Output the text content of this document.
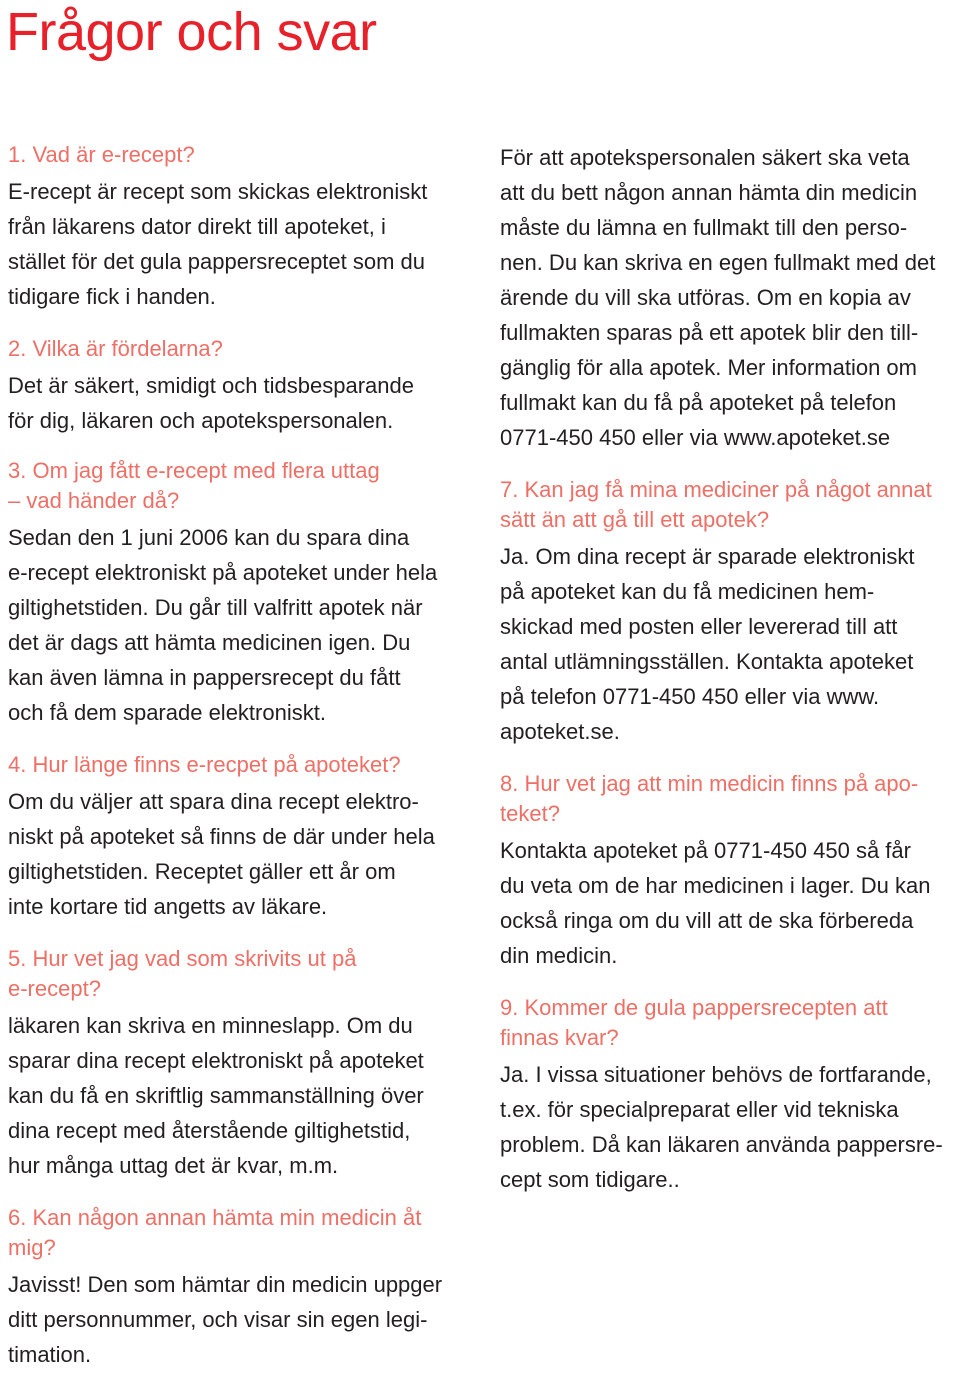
Frågor och svar

1. Vad är e-recept?

E-recept är recept som skickas elektroniskt
från läkarens dator direkt till apoteket, i
stället för det gula pappersreceptet som du
tidigare fick i handen.

2. Vilka är fördelarna?

Det är säkert, smidigt och tidsbesparande
för dig, läkaren och apotekspersonalen.

3. Om jag fått e-recept med flera uttag
– vad händer då?

Sedan den 1 juni 2006 kan du spara dina
e-recept elektroniskt på apoteket under hela
giltighetstiden. Du går till valfritt apotek när
det är dags att hämta medicinen igen. Du
kan även lämna in pappersrecept du fått
och få dem sparade elektroniskt.

4. Hur länge finns e-recpet på apoteket?

Om du väljer att spara dina recept elektro-
niskt på apoteket så finns de där under hela
giltighetstiden. Receptet gäller ett år om
inte kortare tid angetts av läkare.

5. Hur vet jag vad som skrivits ut på
e-recept?

läkaren kan skriva en minneslapp. Om du
sparar dina recept elektroniskt på apoteket
kan du få en skriftlig sammanställning över
dina recept med återstående giltighetstid,
hur många uttag det är kvar, m.m.

6. Kan någon annan hämta min medicin åt
mig?

Javisst! Den som hämtar din medicin uppger
ditt personnummer, och visar sin egen legi-
timation.

För att apotekspersonalen säkert ska veta
att du bett någon annan hämta din medicin
måste du lämna en fullmakt till den perso-
nen. Du kan skriva en egen fullmakt med det
ärende du vill ska utföras. Om en kopia av
fullmakten sparas på ett apotek blir den till-
gänglig för alla apotek. Mer information om
fullmakt kan du få på apoteket på telefon
0771-450 450 eller via www.apoteket.se

7. Kan jag få mina mediciner på något annat
sätt än att gå till ett apotek?

Ja. Om dina recept är sparade elektroniskt
på apoteket kan du få medicinen hem-
skickad med posten eller levererad till att
antal utlämningsställen. Kontakta apoteket
på telefon 0771-450 450 eller via www.
apoteket.se.

8. Hur vet jag att min medicin finns på apo-
teket?

Kontakta apoteket på 0771-450 450 så får
du veta om de har medicinen i lager. Du kan
också ringa om du vill att de ska förbereda
din medicin.

9. Kommer de gula pappersrecepten att
finnas kvar?

Ja. I vissa situationer behövs de fortfarande,
t.ex. för specialpreparat eller vid tekniska
problem. Då kan läkaren använda pappersre-
cept som tidigare..
